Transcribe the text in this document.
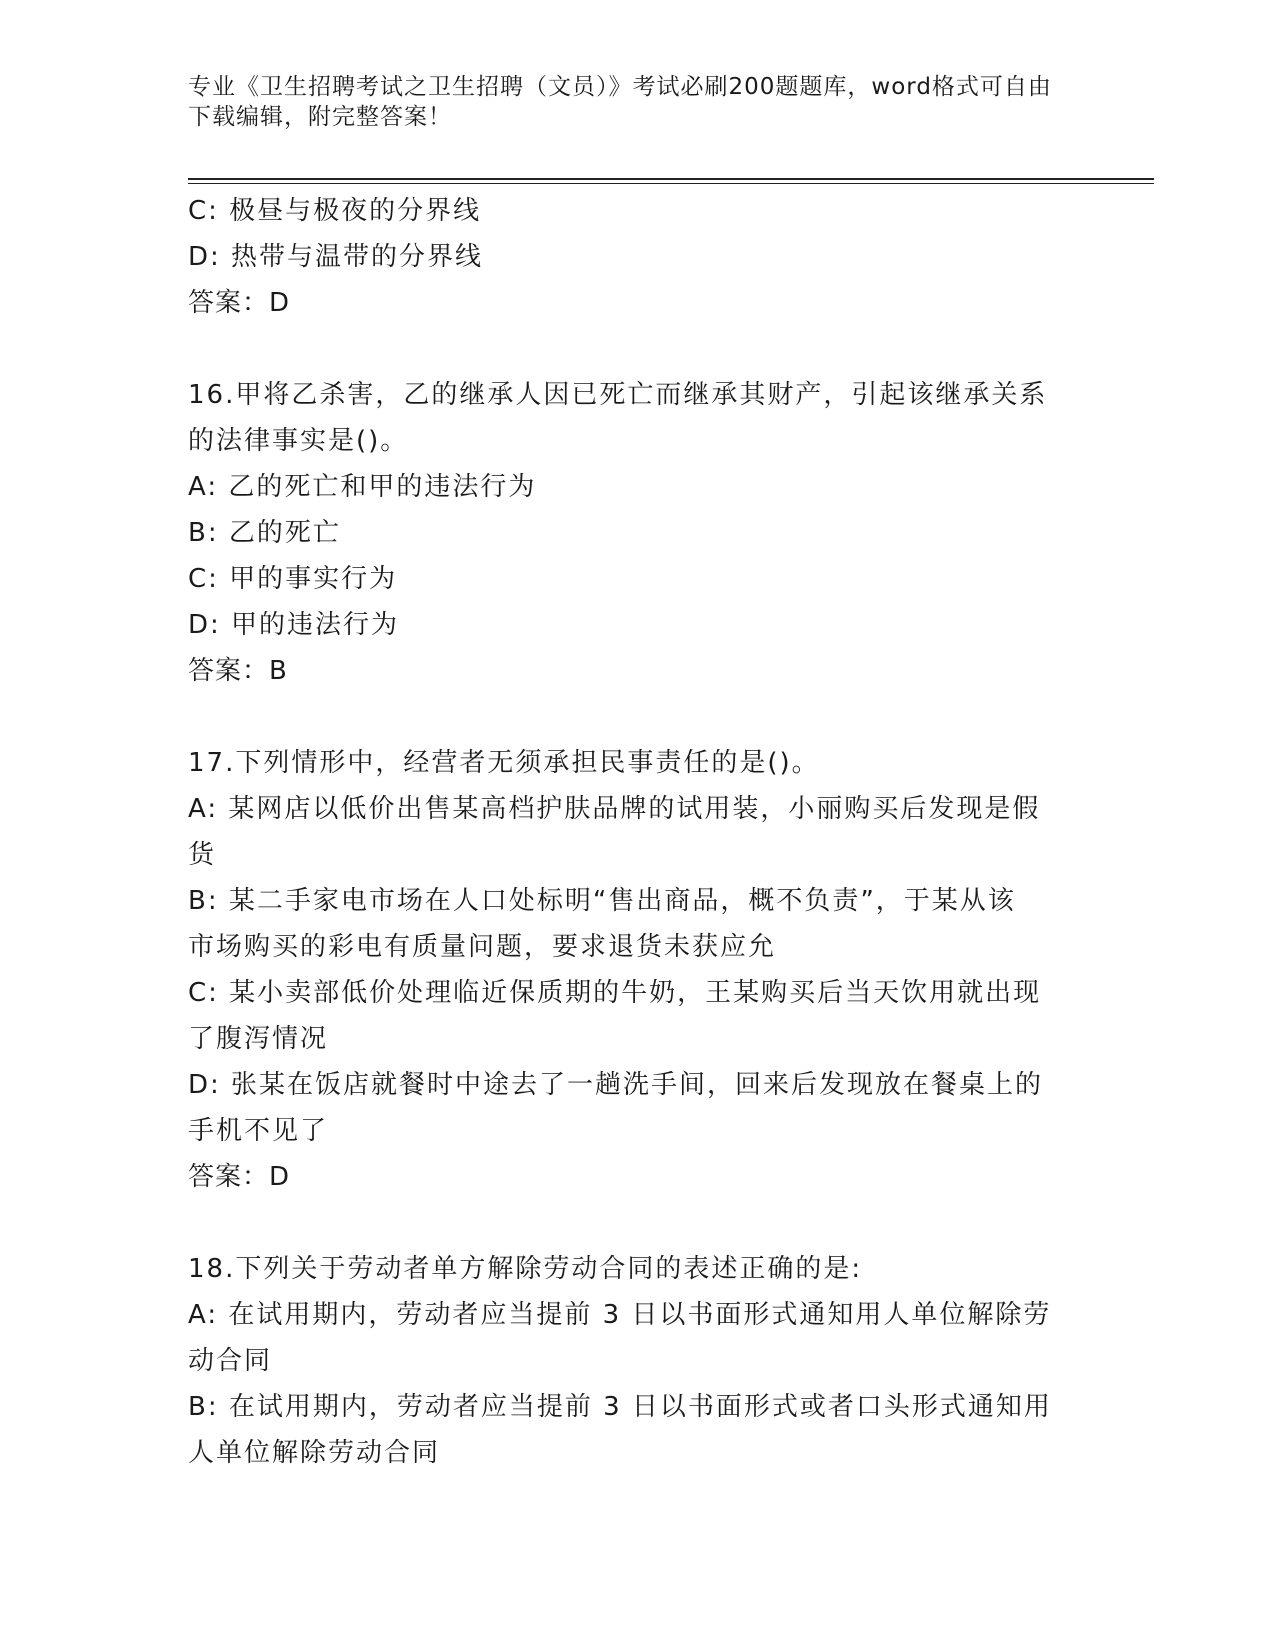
专业《卫生招聘考试之卫生招聘（文员）》考试必刷200题题库，word格式可自由下载编辑，附完整答案！

C: 极昼与极夜的分界线

D: 热带与温带的分界线

答案：D

16.甲将乙杀害，乙的继承人因已死亡而继承其财产，引起该继承关系

的法律事实是()。

A: 乙的死亡和甲的违法行为

B: 乙的死亡

C: 甲的事实行为

D: 甲的违法行为

答案：B

17.下列情形中，经营者无须承担民事责任的是()。

A: 某网店以低价出售某高档护肤品牌的试用装，小丽购买后发现是假

货

B: 某二手家电市场在人口处标明“售出商品，概不负责”，于某从该

市场购买的彩电有质量问题，要求退货未获应允

C: 某小卖部低价处理临近保质期的牛奶，王某购买后当天饮用就出现

了腹泻情况

D: 张某在饭店就餐时中途去了一趟洗手间，回来后发现放在餐桌上的

手机不见了

答案：D

18.下列关于劳动者单方解除劳动合同的表述正确的是:

A: 在试用期内，劳动者应当提前 3 日以书面形式通知用人单位解除劳

动合同

B: 在试用期内，劳动者应当提前 3 日以书面形式或者口头形式通知用

人单位解除劳动合同
